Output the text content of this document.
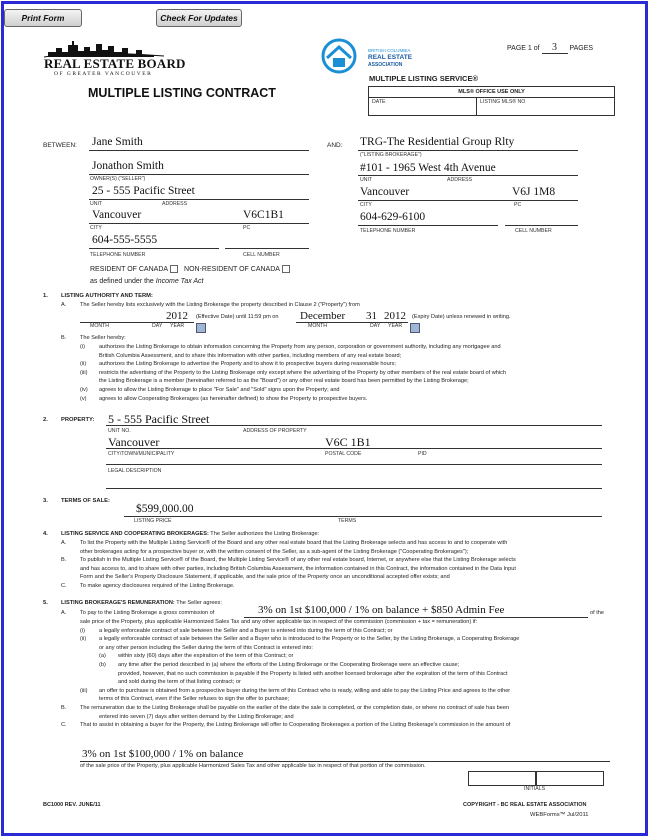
Print Form	Check For Updates
REAL ESTATE BOARD
OF GREATER VANCOUVER
MULTIPLE LISTING CONTRACT
BRITISH COLUMBIA
REAL ESTATE
ASSOCIATION
PAGE 1 of 3 PAGES
MULTIPLE LISTING SERVICE®
MLS® OFFICE USE ONLY
DATE	LISTING MLS® NO
BETWEEN: Jane Smith
Jonathon Smith
OWNER(S) ("SELLER")
25 - 555 Pacific Street
UNIT	ADDRESS
Vancouver	V6C1B1
CITY	PC
604-555-5555
TELEPHONE NUMBER	CELL NUMBER
RESIDENT OF CANADA NON-RESIDENT OF CANADA
as defined under the Income Tax Act
AND: TRG-The Residential Group Rlty
("LISTING BROKERAGE")
#101 - 1965 West 4th Avenue
UNIT	ADDRESS
Vancouver	V6J 1M8
CITY	PC
604-629-6100
TELEPHONE NUMBER	CELL NUMBER
1. LISTING AUTHORITY AND TERM:
A. The Seller hereby lists exclusively with the Listing Brokerage the property described in Clause 2 ("Property") from
2012 (Effective Date) until 11:59 pm on December 31 2012 (Expiry Date) unless renewed in writing.
MONTH	DAY YEAR	MONTH	DAY YEAR
B. The Seller hereby:
(i)	authorizes the Listing Brokerage to obtain information concerning the Property from any person, corporation or government authority, including any mortgagee and
British Columbia Assessment, and to share this information with other parties, including members of any real estate board;
(ii) authorizes the Listing Brokerage to advertise the Property and to show it to prospective buyers during reasonable hours;
(iii) restricts the advertising of the Property to the Listing Brokerage only except where the advertising of the Property by other members of the real estate board of which
the Listing Brokerage is a member (hereinafter referred to as the "Board") or any other real estate board has been permitted by the Listing Brokerage;
(iv) agrees to allow the Listing Brokerage to place "For Sale" and "Sold" signs upon the Property; and
(v) agrees to allow Cooperating Brokerages (as hereinafter defined) to show the Property to prospective buyers.
2. PROPERTY: 5 - 555 Pacific Street
UNIT NO.	ADDRESS OF PROPERTY
Vancouver	V6C 1B1
CITY/TOWN/MUNICIPALITY	POSTAL CODE	PID
LEGAL DESCRIPTION
3. TERMS OF SALE:
$599,000.00
LISTING PRICE	TERMS
4. LISTING SERVICE AND COOPERATING BROKERAGES: The Seller authorizes the Listing Brokerage:
A. To list the Property with the Multiple Listing Service® of the Board and any other real estate board that the Listing Brokerage selects and has access to and to cooperate with
other brokerages acting for a prospective buyer or, with the written consent of the Seller, as a sub-agent of the Listing Brokerage ("Cooperating Brokerages");
B. To publish in the Multiple Listing Service® of the Board, the Multiple Listing Service® of any other real estate board, Internet, or anywhere else that the Listing Brokerage selects
and has access to, and to share with other parties, including British Columbia Assessment, the information contained in this Contract, the information contained in the Data Input
Form and the Seller's Property Disclosure Statement, if applicable, and the sale price of the Property once an unconditional accepted offer exists; and
C. To make agency disclosures required of the Listing Brokerage.
5. LISTING BROKERAGE'S REMUNERATION: The Seller agrees:
A. To pay to the Listing Brokerage a gross commission of	3% on 1st $100,000 / 1% on balance + $850 Admin Fee	of the
sale price of the Property, plus applicable Harmonized Sales Tax and any other applicable tax in respect of the commission (commission + tax = remuneration) if:
(i)	a legally enforceable contract of sale between the Seller and a Buyer is entered into during the term of this Contract; or
(ii) a legally enforceable contract of sale between the Seller and a Buyer who is introduced to the Property or to the Seller, by the Listing Brokerage, a Cooperating Brokerage
or any other person including the Seller during the term of this Contract is entered into:
(a) within sixty (60) days after the expiration of the term of this Contract; or
(b) any time after the period described in (a) where the efforts of the Listing Brokerage or the Cooperating Brokerage were an effective cause;
provided, however, that no such commission is payable if the Property is listed with another licensed brokerage after the expiration of the term of this Contract
and sold during the term of that listing contract; or
(iii) an offer to purchase is obtained from a prospective buyer during the term of this Contract who is ready, willing and able to pay the Listing Price and agrees to the other
terms of this Contract, even if the Seller refuses to sign the offer to purchase;
B. The remuneration due to the Listing Brokerage shall be payable on the earlier of the date the sale is completed, or the completion date, or where no contract of sale has been
entered into seven (7) days after written demand by the Listing Brokerage; and
C. That to assist in obtaining a buyer for the Property, the Listing Brokerage will offer to Cooperating Brokerages a portion of the Listing Brokerage's commission in the amount of
3% on 1st $100,000 / 1% on balance
of the sale price of the Property, plus applicable Harmonized Sales Tax and other applicable tax in respect of that portion of the commission.
INITIALS
BC1000 REV. JUNE/11	COPYRIGHT - BC REAL ESTATE ASSOCIATION
WEBForms™ Jul/2011
